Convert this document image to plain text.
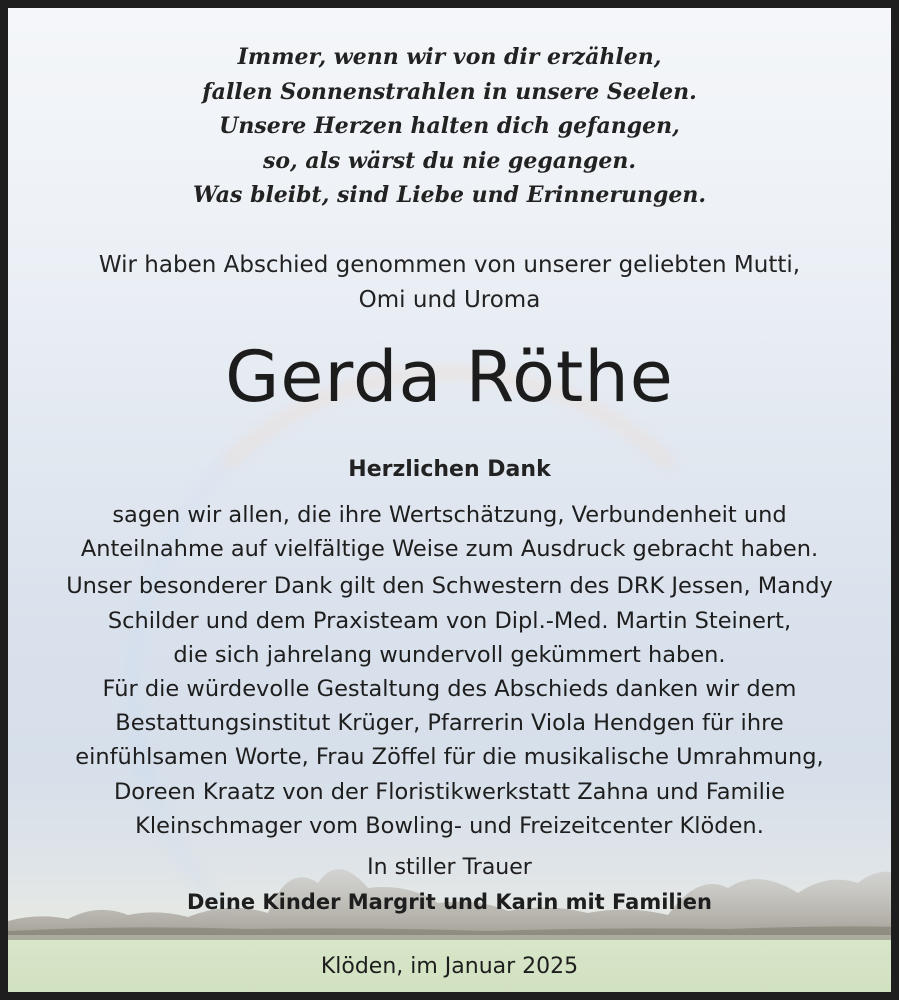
Immer, wenn wir von dir erzählen,
fallen Sonnenstrahlen in unsere Seelen.
Unsere Herzen halten dich gefangen,
so, als wärst du nie gegangen.
Was bleibt, sind Liebe und Erinnerungen.
Wir haben Abschied genommen von unserer geliebten Mutti,
Omi und Uroma
Gerda Röthe
Herzlichen Dank
sagen wir allen, die ihre Wertschätzung, Verbundenheit und
Anteilnahme auf vielfältige Weise zum Ausdruck gebracht haben.
Unser besonderer Dank gilt den Schwestern des DRK Jessen, Mandy
Schilder und dem Praxisteam von Dipl.-Med. Martin Steinert,
die sich jahrelang wundervoll gekümmert haben.
Für die würdevolle Gestaltung des Abschieds danken wir dem
Bestattungsinstitut Krüger, Pfarrerin Viola Hendgen für ihre
einfühlsamen Worte, Frau Zöffel für die musikalische Umrahmung,
Doreen Kraatz von der Floristikwerkstatt Zahna und Familie
Kleinschmager vom Bowling- und Freizeitcenter Klöden.
In stiller Trauer
Deine Kinder Margrit und Karin mit Familien
Klöden, im Januar 2025
